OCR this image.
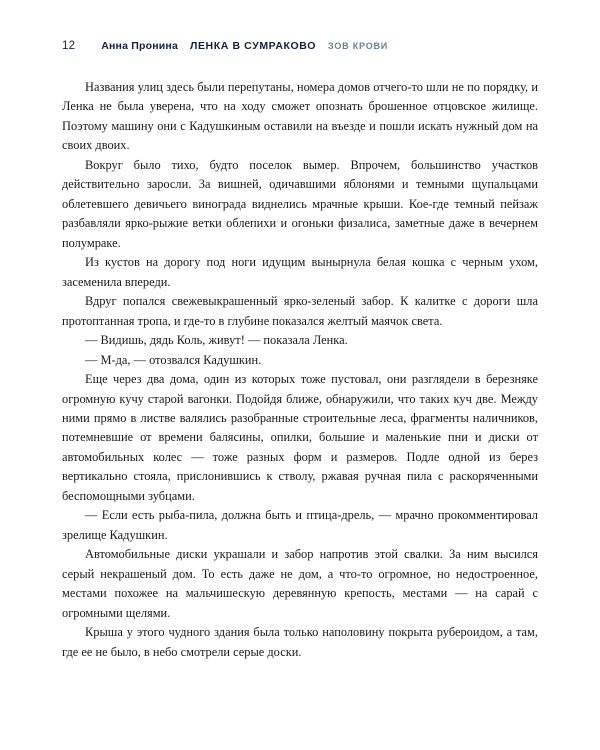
12 Анна Пронина ЛЕНКА В СУМРАКОВО ЗОВ КРОВИ

Названия улиц здесь были перепутаны, номера домов отчего-то шли не по порядку, и Ленка не была уверена, что на ходу сможет опознать брошенное отцовское жилище. Поэтому машину они с Кадушкиным оставили на въезде и пошли искать нужный дом на своих двоих.

Вокруг было тихо, будто поселок вымер. Впрочем, большинство участков действительно заросли. За вишней, одичавшими яблонями и темными щупальцами облетевшего девичьего винограда виднелись мрачные крыши. Кое-где темный пейзаж разбавляли ярко-рыжие ветки облепихи и огоньки физалиса, заметные даже в вечернем полумраке.

Из кустов на дорогу под ноги идущим вынырнула белая кошка с черным ухом, засеменила впереди.

Вдруг попался свежевыкрашенный ярко-зеленый забор. К калитке с дороги шла протоптанная тропа, и где-то в глубине показался желтый маячок света.

— Видишь, дядь Коль, живут! — показала Ленка.

— М-да, — отозвался Кадушкин.

Еще через два дома, один из которых тоже пустовал, они разглядели в березняке огромную кучу старой вагонки. Подойдя ближе, обнаружили, что таких куч две. Между ними прямо в листве валялись разобранные строительные леса, фрагменты наличников, потемневшие от времени балясины, опилки, большие и маленькие пни и диски от автомобильных колес — тоже разных форм и размеров. Подле одной из берез вертикально стояла, прислонившись к стволу, ржавая ручная пила с раскоряченными беспомощными зубцами.

— Если есть рыба-пила, должна быть и птица-дрель, — мрачно прокомментировал зрелище Кадушкин.

Автомобильные диски украшали и забор напротив этой свалки. За ним высился серый некрашеный дом. То есть даже не дом, а что-то огромное, но недостроенное, местами похожее на мальчишескую деревянную крепость, местами — на сарай с огромными щелями.

Крыша у этого чудного здания была только наполовину покрыта рубероидом, а там, где ее не было, в небо смотрели серые доски.
